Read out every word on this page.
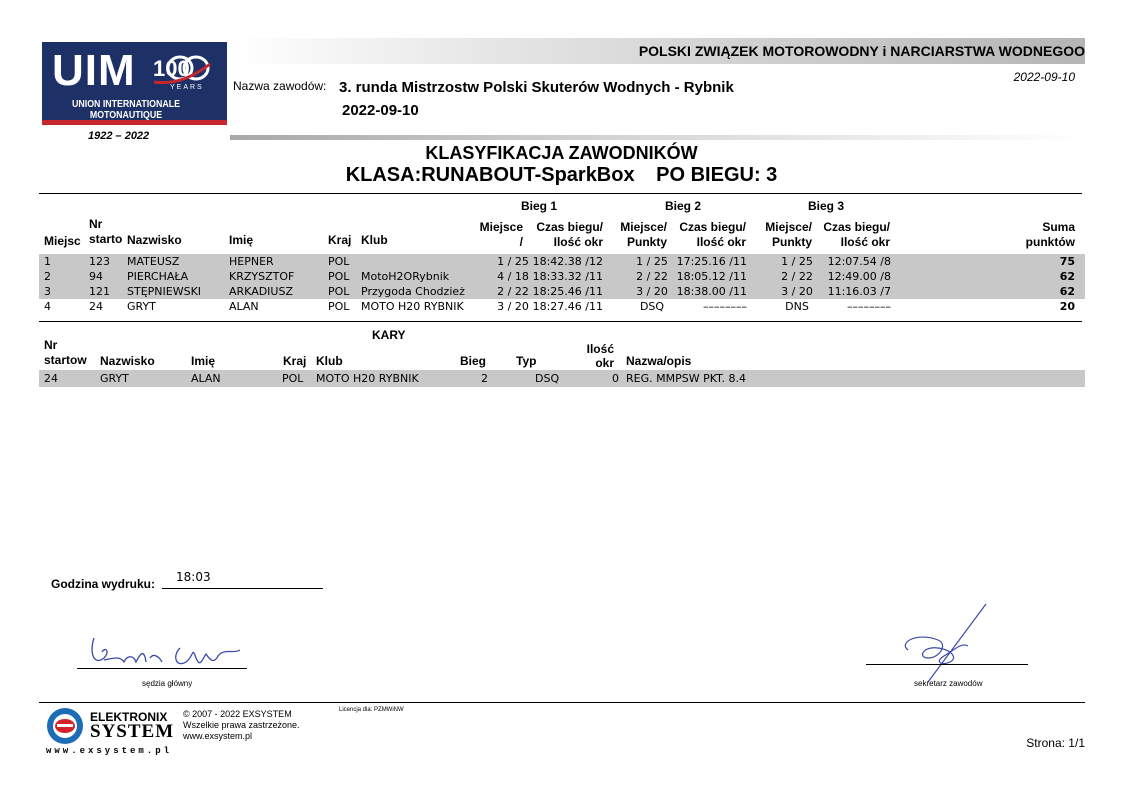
UIM 100
YEARS
UNION INTERNATIONALE MOTONAUTIQUE
1922 – 2022
POLSKI ZWIĄZEK MOTOROWODNY i NARCIARSTWA WODNEGOO
2022-09-10
Nazwa zawodów: 3. runda Mistrzostw Polski Skuterów Wodnych - Rybnik
2022-09-10
KLASYFIKACJA ZAWODNIKÓW
KLASA:RUNABOUT-SparkBox PO BIEGU: 3
Bieg 1	Bieg 2	Bieg 3
Miejsc
Nr
starto Nazwisko	Imię	Kraj Klub
Miejsce
/
Czas biegu/
Ilość okr
Miejsce/
Punkty
Czas biegu/
Ilość okr
Miejsce/
Punkty
Czas biegu/
Ilość okr
Suma
punktów
1	123 MATEUSZ	HEPNER	POL	1 / 25 18:42.38 /12	1 / 25 17:25.16 /11	1 / 25	12:07.54 /8	75
2	94 PIERCHAŁA	KRZYSZTOF	POL MotoH2ORybnik	4 / 18 18:33.32 /11	2 / 22 18:05.12 /11	2 / 22	12:49.00 /8	62
3	121 STĘPNIEWSKI	ARKADIUSZ	POL Przygoda Chodzież	2 / 22 18:25.46 /11	3 / 20 18:38.00 /11	3 / 20	11:16.03 /7	62
4	24 GRYT	ALAN	POL MOTO H20 RYBNIK	3 / 20 18:27.46 /11	DSQ	––––––––	DNS	––––––––	20
KARY
Nr
startow Nazwisko	Imię	Kraj Klub	Bieg Typ
Ilość
okr Nazwa/opis
24	GRYT	ALAN	POL MOTO H20 RYBNIK	2	DSQ	0 REG. MMPSW PKT. 8.4
Godzina wydruku: 18:03
sędzia główny	sekretarz zawodów
ELEKTRONIX
SYSTEM
www.exsystem.pl
© 2007 - 2022 EXSYSTEM
Wszelkie prawa zastrzeżone.
www.exsystem.pl
Licencja dla: PZMWiNW
Strona: 1/1
